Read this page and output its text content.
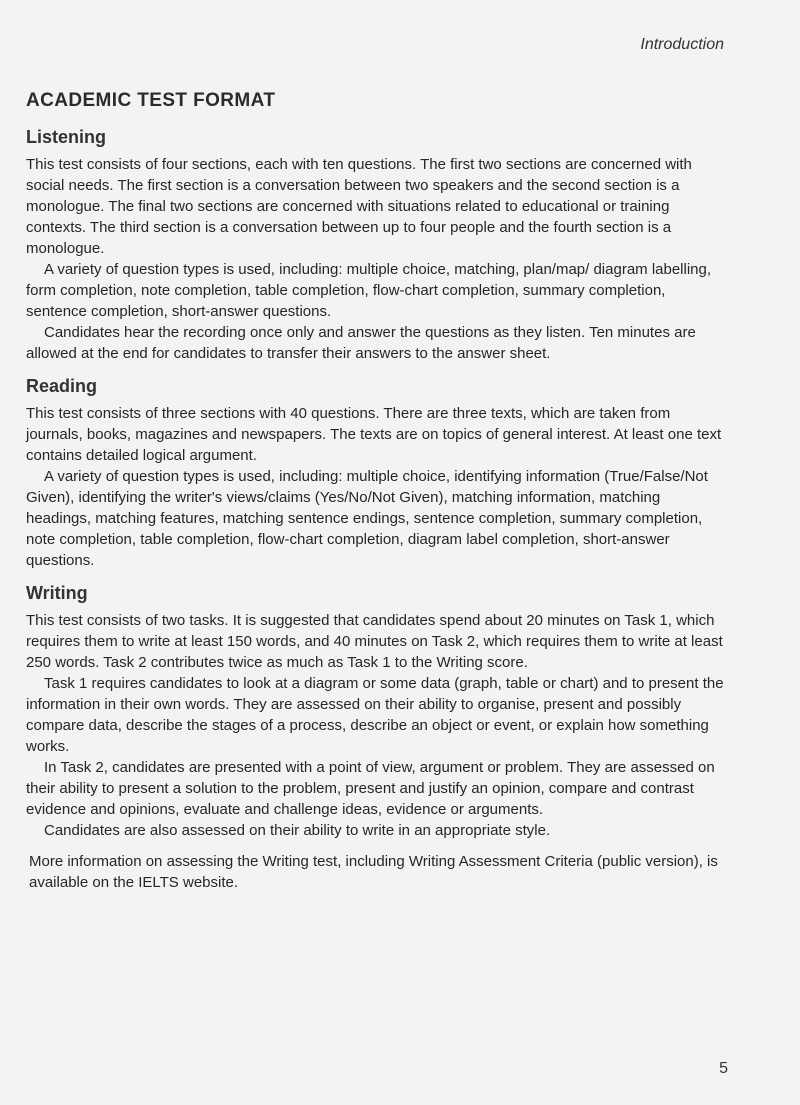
Introduction
ACADEMIC TEST FORMAT
Listening

This test consists of four sections, each with ten questions. The first two sections are concerned with social needs. The first section is a conversation between two speakers and the second section is a monologue. The final two sections are concerned with situations related to educational or training contexts. The third section is a conversation between up to four people and the fourth section is a monologue.

A variety of question types is used, including: multiple choice, matching, plan/map/ diagram labelling, form completion, note completion, table completion, flow-chart completion, summary completion, sentence completion, short-answer questions.

Candidates hear the recording once only and answer the questions as they listen. Ten minutes are allowed at the end for candidates to transfer their answers to the answer sheet.

Reading

This test consists of three sections with 40 questions. There are three texts, which are taken from journals, books, magazines and newspapers. The texts are on topics of general interest. At least one text contains detailed logical argument.

A variety of question types is used, including: multiple choice, identifying information (True/False/Not Given), identifying the writer's views/claims (Yes/No/Not Given), matching information, matching headings, matching features, matching sentence endings, sentence completion, summary completion, note completion, table completion, flow-chart completion, diagram label completion, short-answer questions.

Writing

This test consists of two tasks. It is suggested that candidates spend about 20 minutes on Task 1, which requires them to write at least 150 words, and 40 minutes on Task 2, which requires them to write at least 250 words. Task 2 contributes twice as much as Task 1 to the Writing score.

Task 1 requires candidates to look at a diagram or some data (graph, table or chart) and to present the information in their own words. They are assessed on their ability to organise, present and possibly compare data, describe the stages of a process, describe an object or event, or explain how something works.

In Task 2, candidates are presented with a point of view, argument or problem. They are assessed on their ability to present a solution to the problem, present and justify an opinion, compare and contrast evidence and opinions, evaluate and challenge ideas, evidence or arguments.

Candidates are also assessed on their ability to write in an appropriate style.

More information on assessing the Writing test, including Writing Assessment Criteria (public version), is available on the IELTS website.

5
